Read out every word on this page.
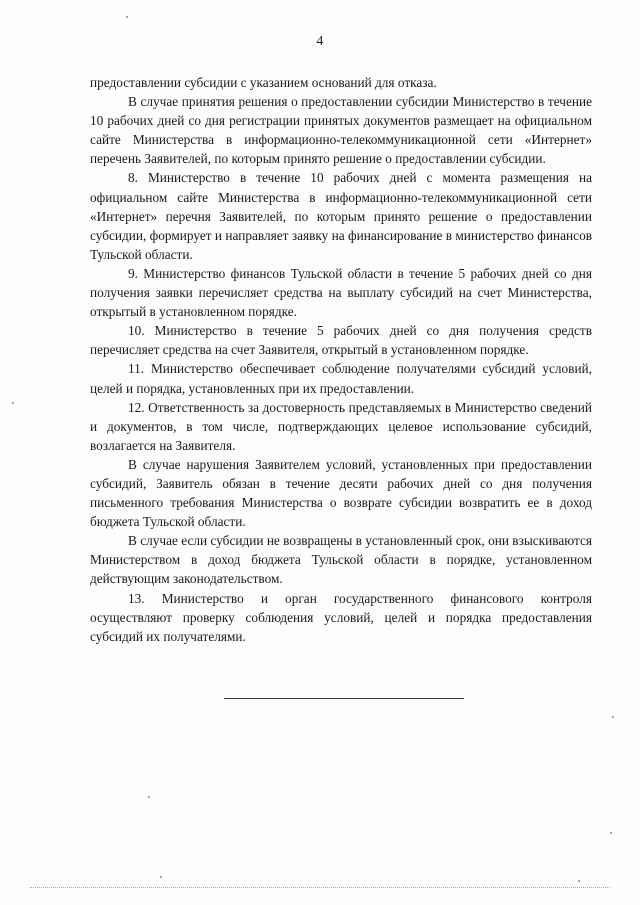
4

предоставлении субсидии с указанием оснований для отказа.

В случае принятия решения о предоставлении субсидии Министерство в течение 10 рабочих дней со дня регистрации принятых документов размещает на официальном сайте Министерства в информационно-телекоммуникационной сети «Интернет» перечень Заявителей, по которым принято решение о предоставлении субсидии.

8. Министерство в течение 10 рабочих дней с момента размещения на официальном сайте Министерства в информационно-телекоммуникационной сети «Интернет» перечня Заявителей, по которым принято решение о предоставлении субсидии, формирует и направляет заявку на финансирование в министерство финансов Тульской области.

9. Министерство финансов Тульской области в течение 5 рабочих дней со дня получения заявки перечисляет средства на выплату субсидий на счет Министерства, открытый в установленном порядке.

10. Министерство в течение 5 рабочих дней со дня получения средств перечисляет средства на счет Заявителя, открытый в установленном порядке.

11. Министерство обеспечивает соблюдение получателями субсидий условий, целей и порядка, установленных при их предоставлении.

12. Ответственность за достоверность представляемых в Министерство сведений и документов, в том числе, подтверждающих целевое использование субсидий, возлагается на Заявителя.

В случае нарушения Заявителем условий, установленных при предоставлении субсидий, Заявитель обязан в течение десяти рабочих дней со дня получения письменного требования Министерства о возврате субсидии возвратить ее в доход бюджета Тульской области.

В случае если субсидии не возвращены в установленный срок, они взыскиваются Министерством в доход бюджета Тульской области в порядке, установленном действующим законодательством.

13. Министерство и орган государственного финансового контроля осуществляют проверку соблюдения условий, целей и порядка предоставления субсидий их получателями.
